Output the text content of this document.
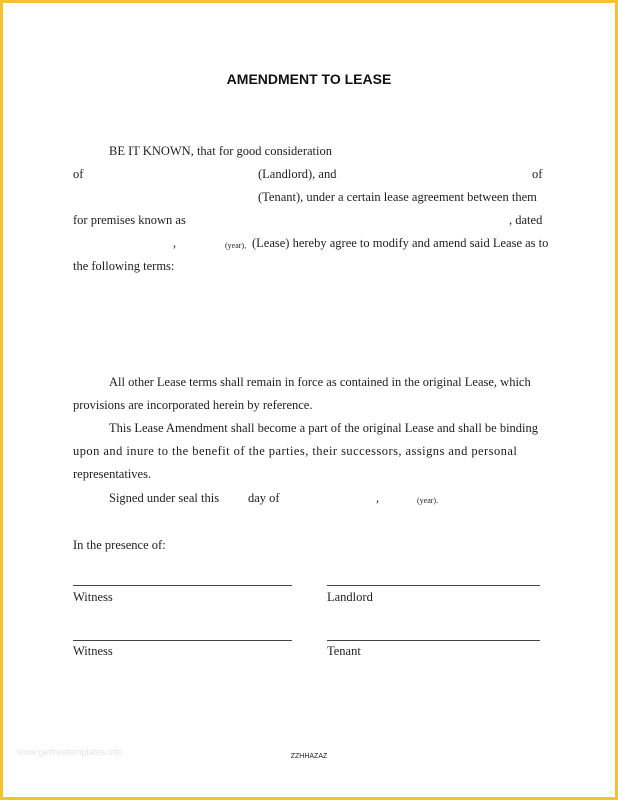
www.getfreetemplates.info
AMENDMENT TO LEASE
BE IT KNOWN, that for good consideration
of	(Landlord), and	of
(Tenant), under a certain lease agreement between them
for premises known as	, dated
,	(year), (Lease) hereby agree to modify and amend said Lease as to
the following terms:
All other Lease terms shall remain in force as contained in the original Lease, which
provisions are incorporated herein by reference.
This Lease Amendment shall become a part of the original Lease and shall be binding
upon and inure to the benefit of the parties, their successors, assigns and personal
representatives.
Signed under seal this day of	,	(year).
In the presence of:
Witness	Landlord
Witness	Tenant
ZZHHAZAZ
